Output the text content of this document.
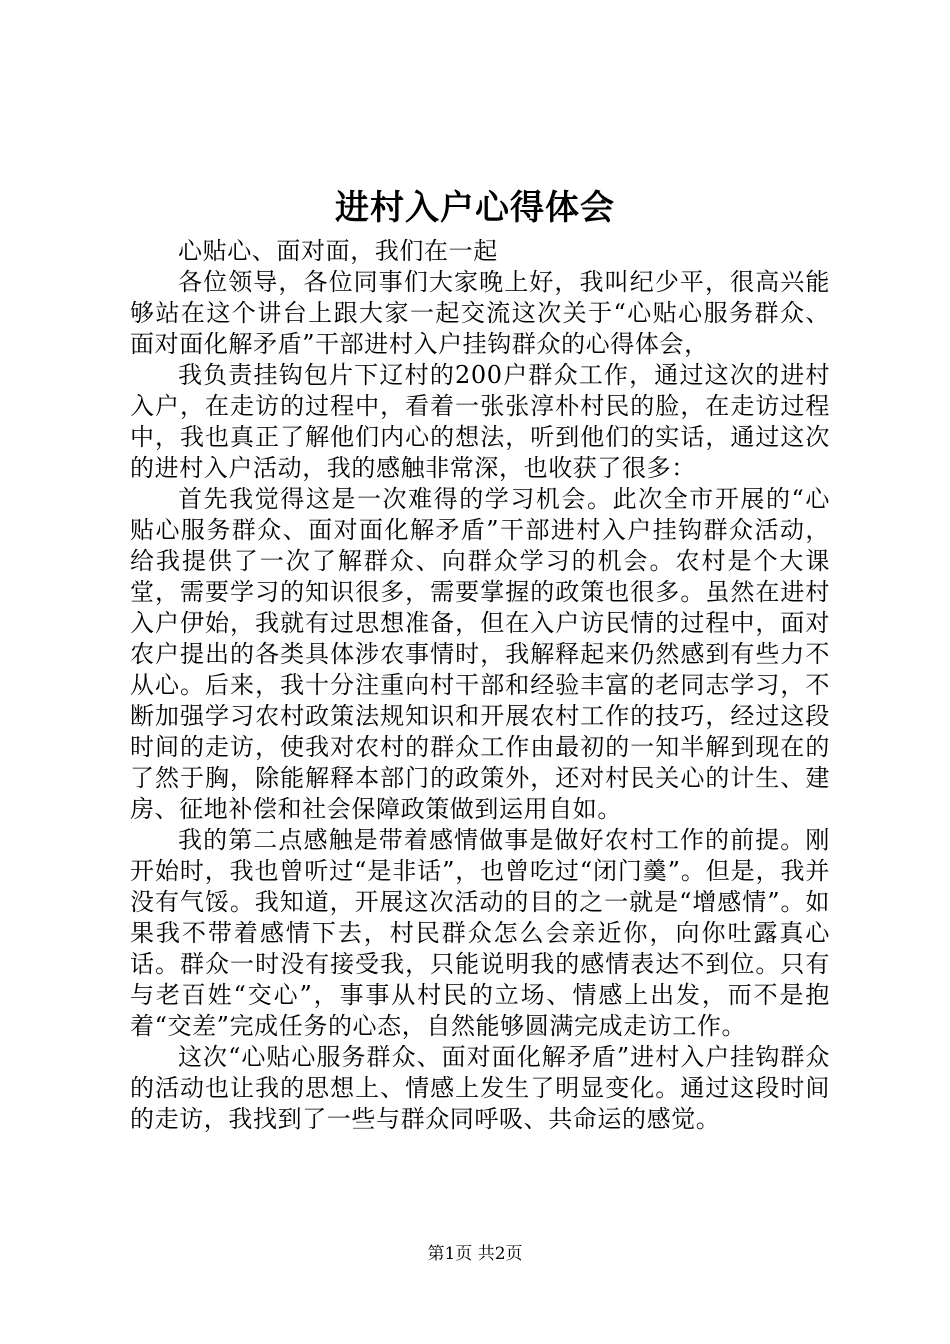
进村入户心得体会

心贴心、面对面，我们在一起

各位领导，各位同事们大家晚上好，我叫纪少平，很高兴能够站在这个讲台上跟大家一起交流这次关于“心贴心服务群众、面对面化解矛盾”干部进村入户挂钩群众的心得体会，

我负责挂钩包片下辽村的200户群众工作，通过这次的进村入户，在走访的过程中，看着一张张淳朴村民的脸，在走访过程中，我也真正了解他们内心的想法，听到他们的实话，通过这次的进村入户活动，我的感触非常深，也收获了很多：

首先我觉得这是一次难得的学习机会。此次全市开展的“心贴心服务群众、面对面化解矛盾”干部进村入户挂钩群众活动，给我提供了一次了解群众、向群众学习的机会。农村是个大课堂，需要学习的知识很多，需要掌握的政策也很多。虽然在进村入户伊始，我就有过思想准备，但在入户访民情的过程中，面对农户提出的各类具体涉农事情时，我解释起来仍然感到有些力不从心。后来，我十分注重向村干部和经验丰富的老同志学习，不断加强学习农村政策法规知识和开展农村工作的技巧，经过这段时间的走访，使我对农村的群众工作由最初的一知半解到现在的了然于胸，除能解释本部门的政策外，还对村民关心的计生、建房、征地补偿和社会保障政策做到运用自如。

我的第二点感触是带着感情做事是做好农村工作的前提。刚开始时，我也曾听过“是非话”，也曾吃过“闭门羹”。但是，我并没有气馁。我知道，开展这次活动的目的之一就是“增感情”。如果我不带着感情下去，村民群众怎么会亲近你，向你吐露真心话。群众一时没有接受我，只能说明我的感情表达不到位。只有与老百姓“交心”，事事从村民的立场、情感上出发，而不是抱着“交差”完成任务的心态，自然能够圆满完成走访工作。

这次“心贴心服务群众、面对面化解矛盾”进村入户挂钩群众的活动也让我的思想上、情感上发生了明显变化。通过这段时间的走访，我找到了一些与群众同呼吸、共命运的感觉。

第1页 共2页
